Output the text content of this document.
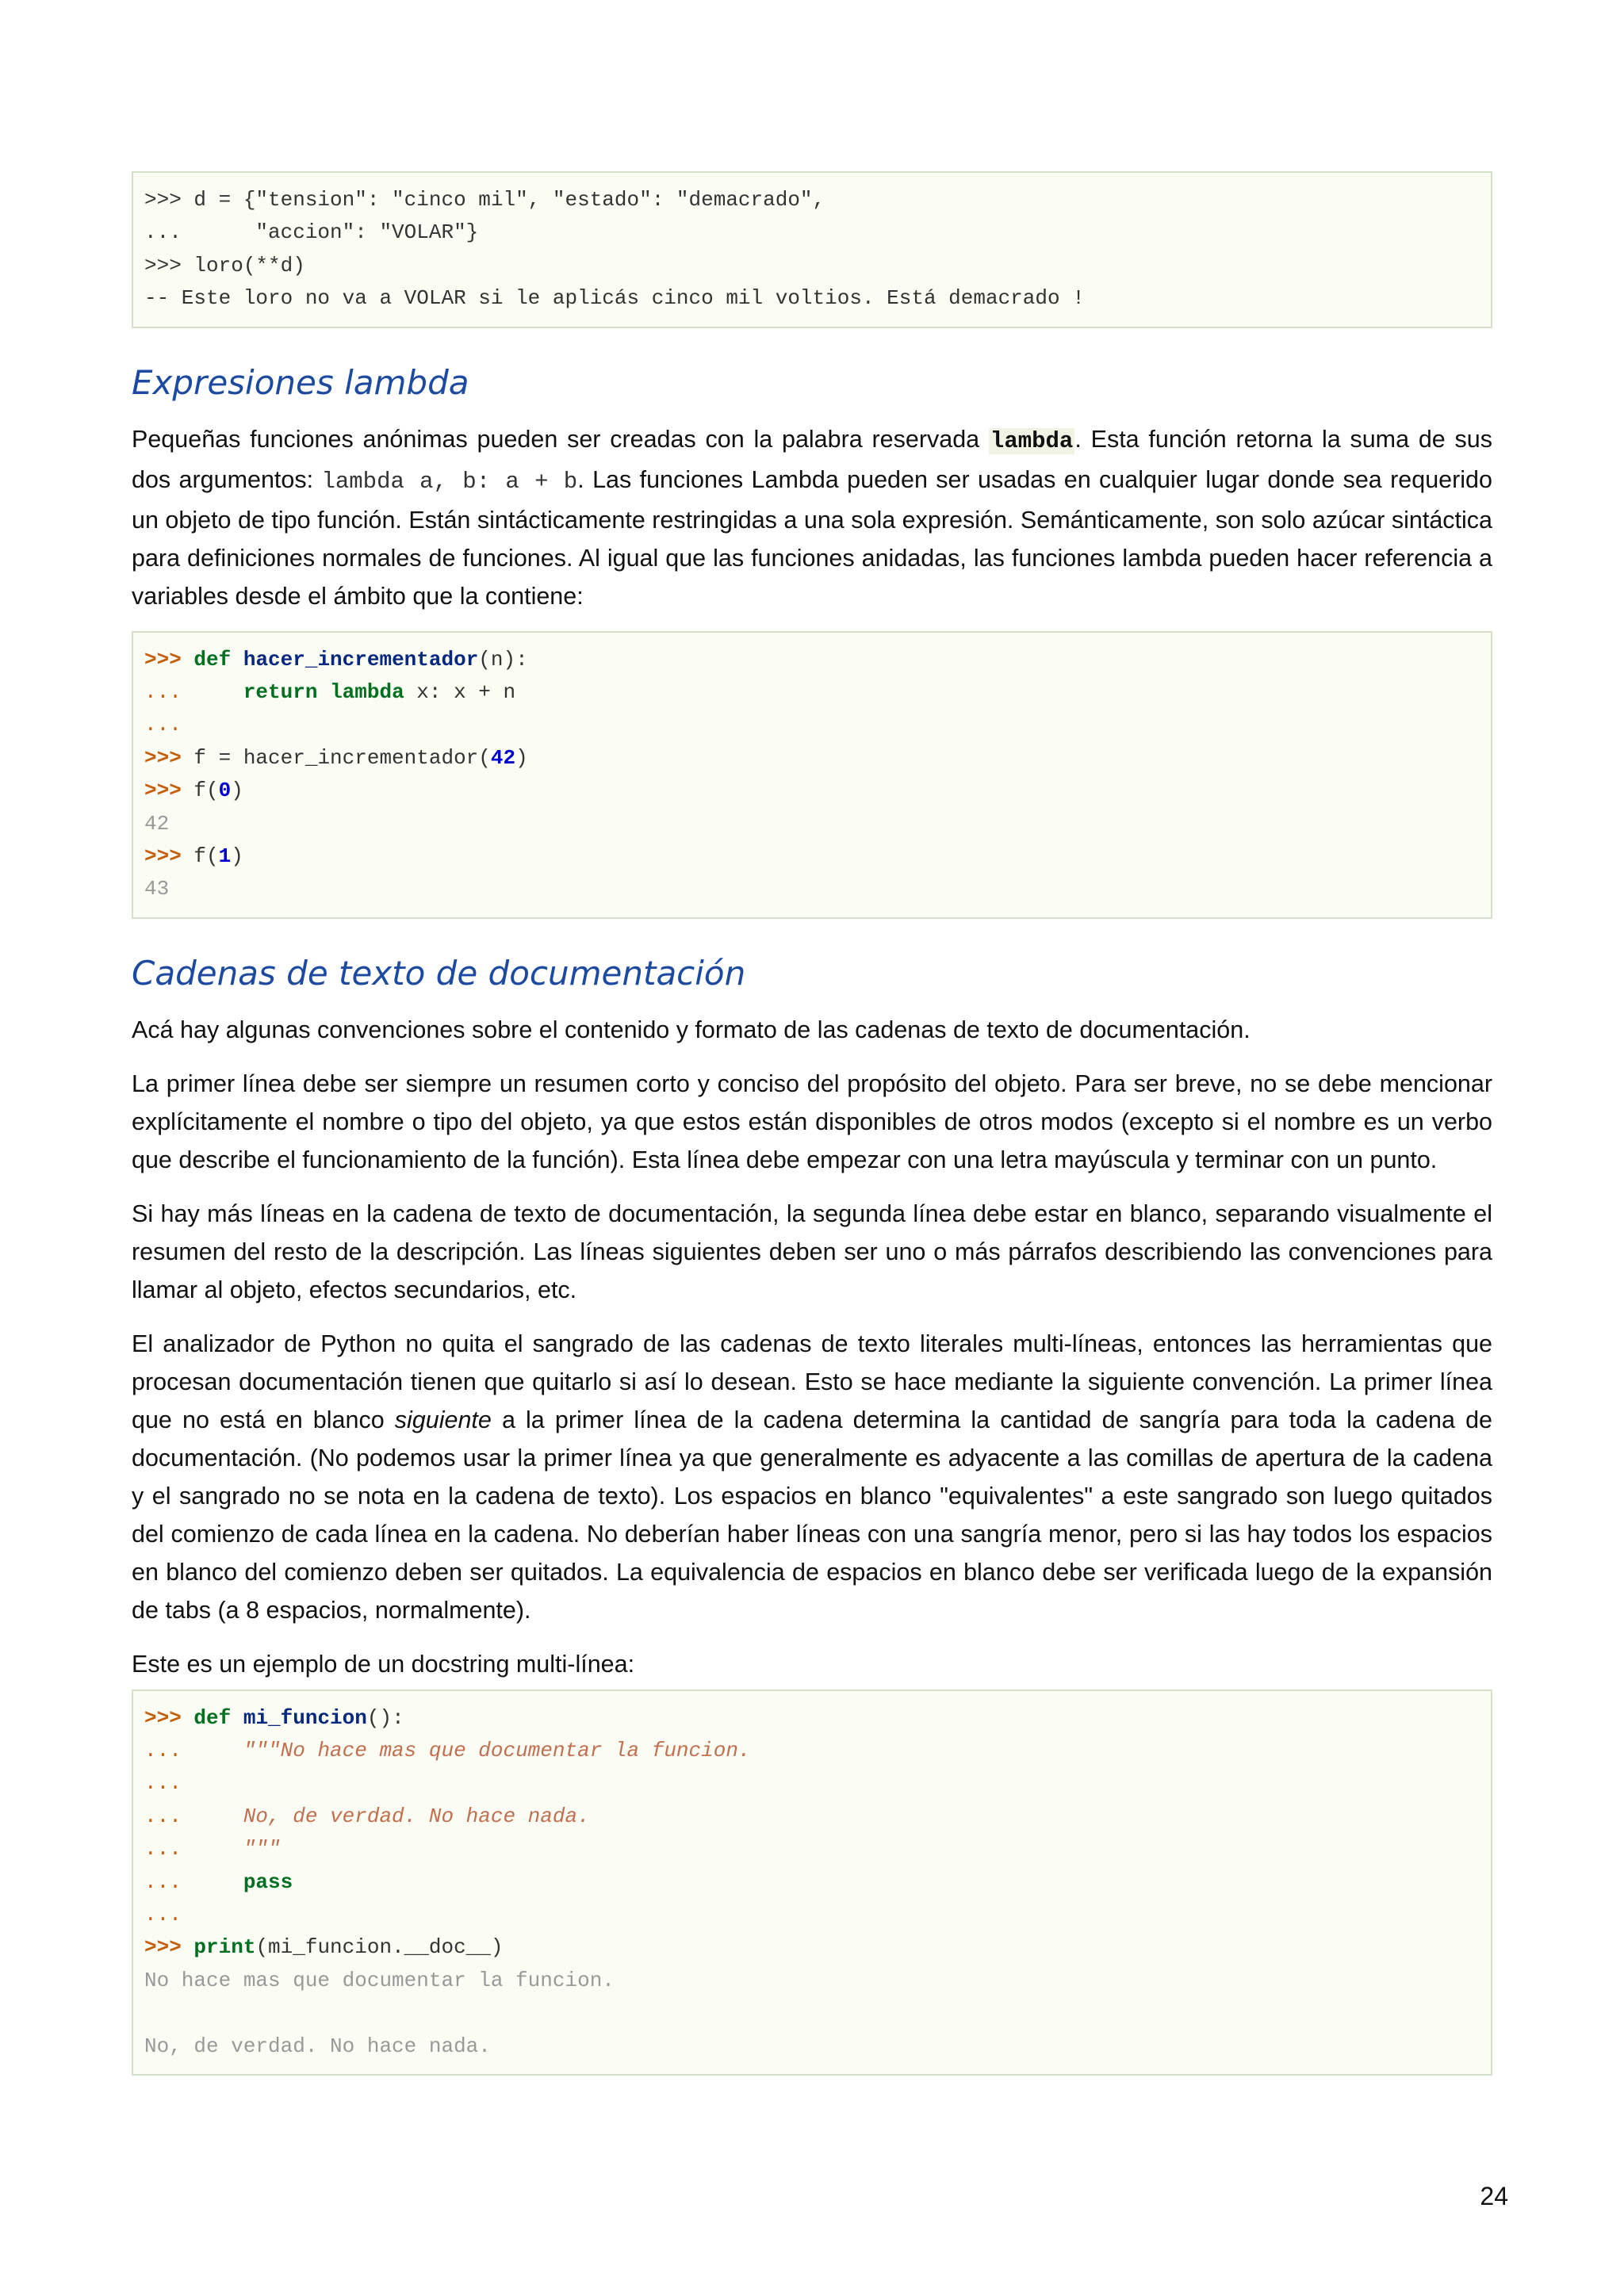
>>> d = {"tension": "cinco mil", "estado": "demacrado",
...      "accion": "VOLAR"}
>>> loro(**d)
-- Este loro no va a VOLAR si le aplicás cinco mil voltios. Está demacrado !
Expresiones lambda

Pequeñas funciones anónimas pueden ser creadas con la palabra reservada lambda. Esta función retorna la suma de sus dos argumentos: lambda a, b: a + b. Las funciones Lambda pueden ser usadas en cualquier lugar donde sea requerido un objeto de tipo función. Están sintácticamente restringidas a una sola expresión. Semánticamente, son solo azúcar sintáctica para definiciones normales de funciones. Al igual que las funciones anidadas, las funciones lambda pueden hacer referencia a variables desde el ámbito que la contiene:

>>> def hacer_incrementador(n):
...	return lambda x: x + n
...
>>> f = hacer_incrementador(42)
>>> f(0)
42
>>> f(1)
43
Cadenas de texto de documentación

Acá hay algunas convenciones sobre el contenido y formato de las cadenas de texto de documentación.

La primer línea debe ser siempre un resumen corto y conciso del propósito del objeto. Para ser breve, no se debe mencionar explícitamente el nombre o tipo del objeto, ya que estos están disponibles de otros modos (excepto si el nombre es un verbo que describe el funcionamiento de la función). Esta línea debe empezar con una letra mayúscula y terminar con un punto.

Si hay más líneas en la cadena de texto de documentación, la segunda línea debe estar en blanco, separando visualmente el resumen del resto de la descripción. Las líneas siguientes deben ser uno o más párrafos describiendo las convenciones para llamar al objeto, efectos secundarios, etc.

El analizador de Python no quita el sangrado de las cadenas de texto literales multi-líneas, entonces las herramientas que procesan documentación tienen que quitarlo si así lo desean. Esto se hace mediante la siguiente convención. La primer línea que no está en blanco siguiente a la primer línea de la cadena determina la cantidad de sangría para toda la cadena de documentación. (No podemos usar la primer línea ya que generalmente es adyacente a las comillas de apertura de la cadena y el sangrado no se nota en la cadena de texto). Los espacios en blanco "equivalentes" a este sangrado son luego quitados del comienzo de cada línea en la cadena. No deberían haber líneas con una sangría menor, pero si las hay todos los espacios en blanco del comienzo deben ser quitados. La equivalencia de espacios en blanco debe ser verificada luego de la expansión de tabs (a 8 espacios, normalmente).

Este es un ejemplo de un docstring multi-línea:

>>> def mi_funcion():
...	"""No hace mas que documentar la funcion.
...
...	No, de verdad. No hace nada.
...	"""
...	pass
...
>>> print(mi_funcion.__doc__)
No hace mas que documentar la funcion.
No, de verdad. No hace nada.
24
